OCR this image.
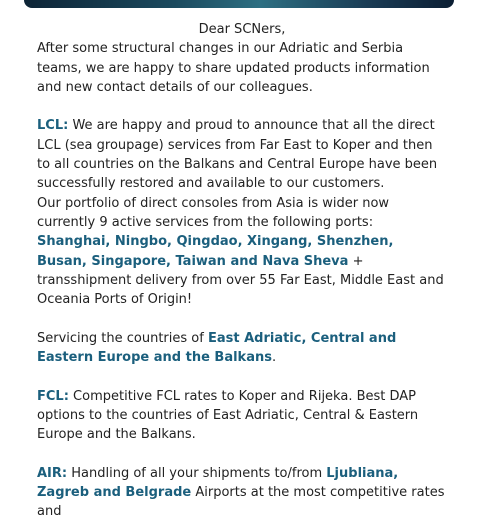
Dear SCNers,

After some structural changes in our Adriatic and Serbia teams, we are happy to share updated products information and new contact details of our colleagues.

LCL: We are happy and proud to announce that all the direct LCL (sea groupage) services from Far East to Koper and then to all countries on the Balkans and Central Europe have been successfully restored and available to our customers.

Our portfolio of direct consoles from Asia is wider now currently 9 active services from the following ports: Shanghai, Ningbo, Qingdao, Xingang, Shenzhen, Busan, Singapore, Taiwan and Nava Sheva + transshipment delivery from over 55 Far East, Middle East and Oceania Ports of Origin!

Servicing the countries of East Adriatic, Central and Eastern Europe and the Balkans.

FCL: Competitive FCL rates to Koper and Rijeka. Best DAP options to the countries of East Adriatic, Central & Eastern Europe and the Balkans.

AIR: Handling of all your shipments to/from Ljubliana, Zagreb and Belgrade Airports at the most competitive rates and
